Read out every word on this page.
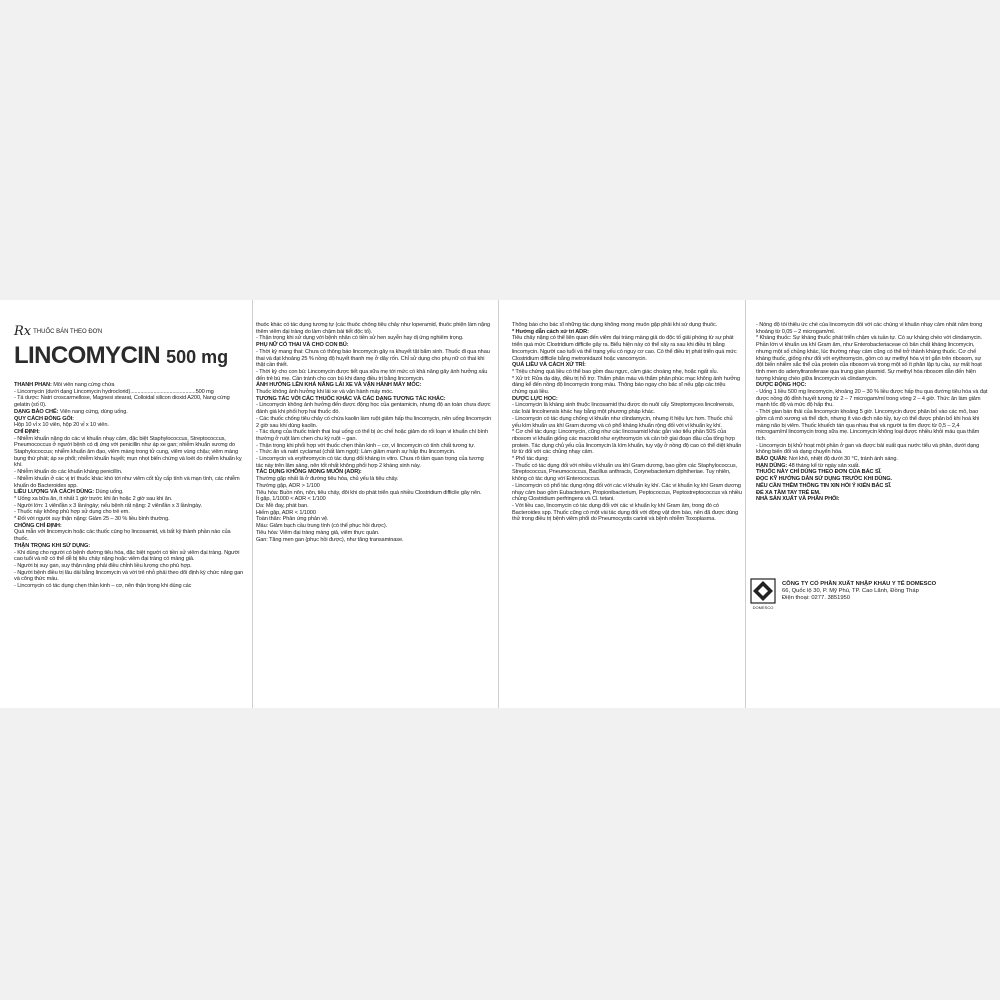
Rx THUỐC BÁN THEO ĐƠN
LINCOMYCIN 500 mg

THÀNH PHẦN: Mỗi viên nang cứng chứa

- Lincomycin (dưới dạng Lincomycin hydroclorid).............................................500 mg

- Tá dược: Natri croscarmellose, Magnesi stearat, Colloidal silicon dioxid A200, Nang cứng gelatin (số 0).

DẠNG BÀO CHẾ: Viên nang cứng, dùng uống.

QUY CÁCH ĐÓNG GÓI:

Hộp 10 vỉ x 10 viên, hộp 20 vỉ x 10 viên.

CHỈ ĐỊNH:

- Nhiễm khuẩn nặng do các vi khuẩn nhạy cảm, đặc biệt Staphylococcus, Streptococcus, Pneumococcus ở người bệnh có dị ứng với penicillin như áp xe gan; nhiễm khuẩn xương do Staphylococcus; nhiễm khuẩn âm đạo, viêm màng trong tử cung, viêm vùng chậu; viêm màng bụng thứ phát; áp xe phổi; nhiễm khuẩn huyết; mụn nhọt biến chứng và loét do nhiễm khuẩn kỵ khí.

- Nhiễm khuẩn do các khuẩn kháng penicillin.

- Nhiễm khuẩn ở các vị trí thuốc khác khó tới như viêm cốt tủy cấp tính và mạn tính, các nhiễm khuẩn do Bacteroides spp.

LIỀU LƯỢNG VÀ CÁCH DÙNG: Dùng uống.

* Uống xa bữa ăn, ít nhất 1 giờ trước khi ăn hoặc 2 giờ sau khi ăn.

- Người lớn: 1 viên/lần x 3 lần/ngày; nếu bệnh rất nặng: 2 viên/lần x 3 lần/ngày.

- Thuốc này không phù hợp sử dụng cho trẻ em.

* Đối với người suy thận nặng: Giảm 25 – 30 % liều bình thường.

CHỐNG CHỈ ĐỊNH:

Quá mẫn với lincomycin hoặc các thuốc cùng họ lincosamid, và bất kỳ thành phần nào của thuốc.

THẬN TRỌNG KHI SỬ DỤNG:

- Khi dùng cho người có bệnh đường tiêu hóa, đặc biệt người có tiền sử viêm đại tràng. Người cao tuổi và nữ có thể dễ bị tiêu chảy nặng hoặc viêm đại tràng có màng giả.

- Người bị suy gan, suy thận nặng phải điều chỉnh liều lượng cho phù hợp.

- Người bệnh điều trị lâu dài bằng lincomycin và với trẻ nhỏ phải theo dõi định kỳ chức năng gan và công thức máu.

- Lincomycin có tác dụng chẹn thần kinh – cơ, nên thận trọng khi dùng các

thuốc khác có tác dụng tương tự (các thuốc chống tiêu chảy như loperamid, thuốc phiện làm nặng thêm viêm đại tràng do làm chậm bài tiết độc tố).

- Thận trọng khi sử dụng với bệnh nhân có tiền sử hen suyễn hay dị ứng nghiêm trọng.

PHỤ NỮ CÓ THAI VÀ CHO CON BÚ:

- Thời kỳ mang thai: Chưa có thông báo lincomycin gây ra khuyết tật bẩm sinh. Thuốc đi qua nhau thai và đạt khoảng 25 % nồng độ huyết thanh mẹ ở dây rốn. Chỉ sử dụng cho phụ nữ có thai khi thật cần thiết.

- Thời kỳ cho con bú: Lincomycin được tiết qua sữa mẹ tới mức có khả năng gây ảnh hưởng xấu đến trẻ bú mẹ. Cần tránh cho con bú khi đang điều trị bằng lincomycin.

ẢNH HƯỞNG LÊN KHẢ NĂNG LÁI XE VÀ VẬN HÀNH MÁY MÓC:

Thuốc không ảnh hưởng khi lái xe và vận hành máy móc.

TƯƠNG TÁC VỚI CÁC THUỐC KHÁC VÀ CÁC DẠNG TƯƠNG TÁC KHÁC:

- Lincomycin không ảnh hưởng đến được động học của gentamicin, nhưng độ an toàn chưa được đánh giá khi phối hợp hai thuốc đó.

- Các thuốc chống tiêu chảy có chứa kaolin làm ruột giảm hấp thu lincomycin, nên uống lincomycin 2 giờ sau khi dùng kaolin.

- Tác dụng của thuốc tránh thai loại uống có thể bị ức chế hoặc giảm do rối loạn vi khuẩn chí bình thường ở ruột làm chen chu kỳ ruột – gan.

- Thận trọng khi phối hợp với thuốc chẹn thần kinh – cơ, vì lincomycin có tính chất tương tự.

- Thức ăn và natri cyclamat (chất làm ngọt): Làm giảm mạnh sự hấp thu lincomycin.

- Lincomycin và erythromycin có tác dụng đối kháng in vitro. Chưa rõ tầm quan trọng của tương tác này trên lâm sàng, nên tốt nhất không phối hợp 2 kháng sinh này.

TÁC DỤNG KHÔNG MONG MUỐN (ADR):

Thường gặp nhất là ở đường tiêu hóa, chủ yếu là tiêu chảy.

Thường gặp, ADR > 1/100

Tiêu hóa: Buồn nôn, nôn, tiêu chảy, đôi khi do phát triển quá nhiều Clostridium difficile gây nên.

Ít gặp, 1/1000 < ADR < 1/100

Da: Mề đay, phát ban.

Hiếm gặp, ADR < 1/1000

Toàn thân: Phản ứng phản vệ.

Máu: Giảm bạch cầu trung tính (có thể phục hồi được).

Tiêu hóa: Viêm đại tràng màng giả, viêm thực quản.

Gan: Tăng men gan (phục hồi được), như tăng transaminase.

Thông báo cho bác sĩ những tác dụng không mong muốn gặp phải khi sử dụng thuốc.

* Hướng dẫn cách xử trí ADR:

Tiêu chảy nặng có thể liên quan đến viêm đại tràng màng giả do độc tố giải phóng từ sự phát triển quá mức Clostridium difficile gây ra. Biểu hiện này có thể xảy ra sau khi điều trị bằng lincomycin. Người cao tuổi và thể trạng yếu có nguy cơ cao. Có thể điều trị phát triển quá mức Clostridium difficile bằng metronidazol hoặc vancomycin.

QUÁ LIỀU VÀ CÁCH XỬ TRÍ:

* Triệu chứng quá liều có thể bao gồm đau ngực, cảm giác choáng nhẹ, hoặc ngất xỉu.

* Xử trí: Rửa dạ dày, điều trị hỗ trợ. Thẩm phân máu và thẩm phân phúc mạc không ảnh hưởng đáng kể đến nồng độ lincomycin trong máu. Thông báo ngay cho bác sĩ nếu gặp các triệu chứng quá liều.

DƯỢC LỰC HỌC:

- Lincomycin là kháng sinh thuộc lincosamid thu được do nuôi cấy Streptomyces lincolnensis, các loài lincolnensis khác hay bằng một phương pháp khác.

- Lincomycin có tác dụng chống vi khuẩn như clindamycin, nhưng ít hiệu lực hơn. Thuốc chủ yếu kìm khuẩn ưa khí Gram dương và có phổ kháng khuẩn rộng đối với vi khuẩn kỵ khí.

* Cơ chế tác dụng: Lincomycin, cũng như các lincosamid khác gắn vào tiểu phần 50S của ribosom vi khuẩn giống các macrolid như erythromycin và cản trở giai đoạn đầu của tổng hợp protein. Tác dụng chủ yếu của lincomycin là kìm khuẩn, tuy vậy ở nồng độ cao có thể diệt khuẩn từ từ đối với các chủng nhạy cảm.

* Phổ tác dụng:

- Thuốc có tác dụng đối với nhiều vi khuẩn ưa khí Gram dương, bao gồm các Staphylococcus, Streptococcus, Pneumococcus, Bacillus anthracis, Corynebacterium diphtheriae. Tuy nhiên, không có tác dụng với Enterococcus.

- Lincomycin có phổ tác dụng rộng đối với các vi khuẩn kỵ khí. Các vi khuẩn kỵ khí Gram dương nhạy cảm bao gồm Eubacterium, Propionibacterium, Peptococcus, Peptostreptococcus và nhiều chủng Clostridium perfringens và Cl. tetani.

- Với liều cao, lincomycin có tác dụng đối với các vi khuẩn kỵ khí Gram âm, trong đó có Bacteroides spp. Thuốc cũng có một vài tác dụng đối với động vật đơn bào, nên đã được dùng thử trong điều trị bệnh viêm phổi do Pneumocystis carinii và bệnh nhiễm Toxoplasma.

- Nồng độ tối thiểu ức chế của lincomycin đối với các chủng vi khuẩn nhạy cảm nhất nằm trong khoảng từ 0,05 – 2 microgam/ml.

* Kháng thuốc: Sự kháng thuốc phát triển chậm và tuần tự. Có sự kháng chéo với clindamycin. Phần lớn vi khuẩn ưa khí Gram âm, như Enterobacteriaceae có bản chất kháng lincomycin, nhưng một số chủng khác, lúc thường nhạy cảm cũng có thể trở thành kháng thuốc. Cơ chế kháng thuốc, giống như đối với erythromycin, gồm có sự methyl hóa vị trí gắn trên ribosom, sự đột biến nhiễm sắc thể của protein của ribosom và trong một số ít phân lập tụ cầu, sự mất hoạt tính men do adenyltransferase qua trung gian plasmid. Sự methyl hóa ribosom dẫn đến hiện tượng kháng chéo giữa lincomycin và clindamycin.

DƯỢC ĐỘNG HỌC:

- Uống 1 liều 500 mg lincomycin, khoảng 20 – 30 % liều được hấp thu qua đường tiêu hóa và đạt được nồng độ đỉnh huyết tương từ 2 – 7 microgam/ml trong vòng 2 – 4 giờ. Thức ăn làm giảm mạnh tốc độ và mức độ hấp thu.

- Thời gian bán thải của lincomycin khoảng 5 giờ. Lincomycin được phân bố vào các mô, bao gồm cả mô xương và thể dịch, nhưng ít vào dịch não tủy, tuy có thể được phân bố khi hoá khi màng não bị viêm. Thuốc khuếch tán qua nhau thai và người ta tìm được từ 0,5 – 2,4 microgam/ml lincomycin trong sữa mẹ. Lincomycin không loại được nhiều khỏi máu qua thẩm tích.

- Lincomycin bị khử hoạt một phần ở gan và được bài xuất qua nước tiểu và phân, dưới dạng không biến đổi và dạng chuyển hóa.

BẢO QUẢN: Nơi khô, nhiệt độ dưới 30 °C, tránh ánh sáng.

HẠN DÙNG: 48 tháng kể từ ngày sản xuất.

THUỐC NÀY CHỈ DÙNG THEO ĐƠN CỦA BÁC SĨ.

ĐỌC KỸ HƯỚNG DẪN SỬ DỤNG TRƯỚC KHI DÙNG.

NẾU CẦN THÊM THÔNG TIN XIN HỎI Ý KIẾN BÁC SĨ.

ĐỂ XA TẦM TAY TRẺ EM.

NHÀ SẢN XUẤT VÀ PHÂN PHỐI:

DOMESCO
CÔNG TY CỔ PHẦN XUẤT NHẬP KHẨU Y TẾ DOMESCO
66, Quốc lộ 30, P. Mỹ Phú, TP. Cao Lãnh, Đồng Tháp
Điện thoại: 0277. 3851950
